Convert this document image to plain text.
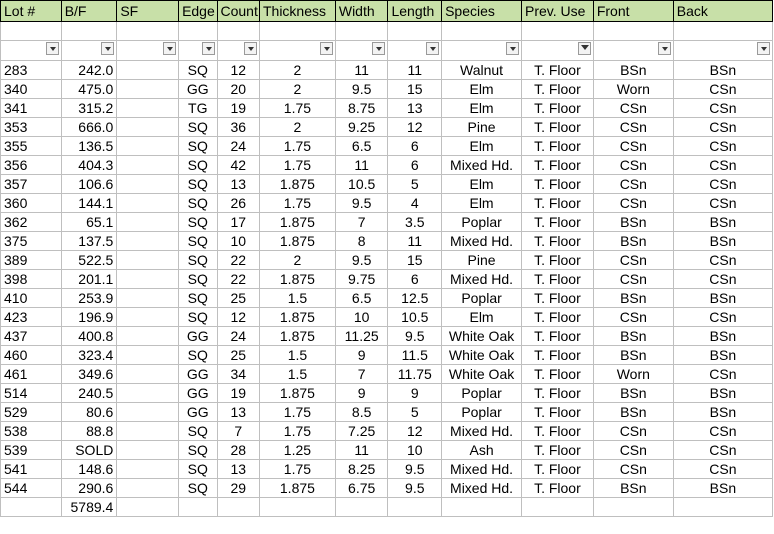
Lot #	B/F	SF	Edge	Count	Thickness	Width	Length	Species	Prev. Use	Front	Back

283	242.0		SQ	12	2	11	11	Walnut	T. Floor	BSn	BSn
340	475.0		GG	20	2	9.5	15	Elm	T. Floor	Worn	CSn
341	315.2		TG	19	1.75	8.75	13	Elm	T. Floor	CSn	CSn
353	666.0		SQ	36	2	9.25	12	Pine	T. Floor	CSn	CSn
355	136.5		SQ	24	1.75	6.5	6	Elm	T. Floor	CSn	CSn
356	404.3		SQ	42	1.75	11	6	Mixed Hd.	T. Floor	CSn	CSn
357	106.6		SQ	13	1.875	10.5	5	Elm	T. Floor	CSn	CSn
360	144.1		SQ	26	1.75	9.5	4	Elm	T. Floor	CSn	CSn
362	65.1		SQ	17	1.875	7	3.5	Poplar	T. Floor	BSn	BSn
375	137.5		SQ	10	1.875	8	11	Mixed Hd.	T. Floor	BSn	BSn
389	522.5		SQ	22	2	9.5	15	Pine	T. Floor	CSn	CSn
398	201.1		SQ	22	1.875	9.75	6	Mixed Hd.	T. Floor	CSn	CSn
410	253.9		SQ	25	1.5	6.5	12.5	Poplar	T. Floor	BSn	BSn
423	196.9		SQ	12	1.875	10	10.5	Elm	T. Floor	CSn	CSn
437	400.8		GG	24	1.875	11.25	9.5	White Oak	T. Floor	BSn	BSn
460	323.4		SQ	25	1.5	9	11.5	White Oak	T. Floor	BSn	BSn
461	349.6		GG	34	1.5	7	11.75	White Oak	T. Floor	Worn	CSn
514	240.5		GG	19	1.875	9	9	Poplar	T. Floor	BSn	BSn
529	80.6		GG	13	1.75	8.5	5	Poplar	T. Floor	BSn	BSn
538	88.8		SQ	7	1.75	7.25	12	Mixed Hd.	T. Floor	CSn	CSn
539	SOLD		SQ	28	1.25	11	10	Ash	T. Floor	CSn	CSn
541	148.6		SQ	13	1.75	8.25	9.5	Mixed Hd.	T. Floor	CSn	CSn
544	290.6		SQ	29	1.875	6.75	9.5	Mixed Hd.	T. Floor	BSn	BSn
	5789.4										
